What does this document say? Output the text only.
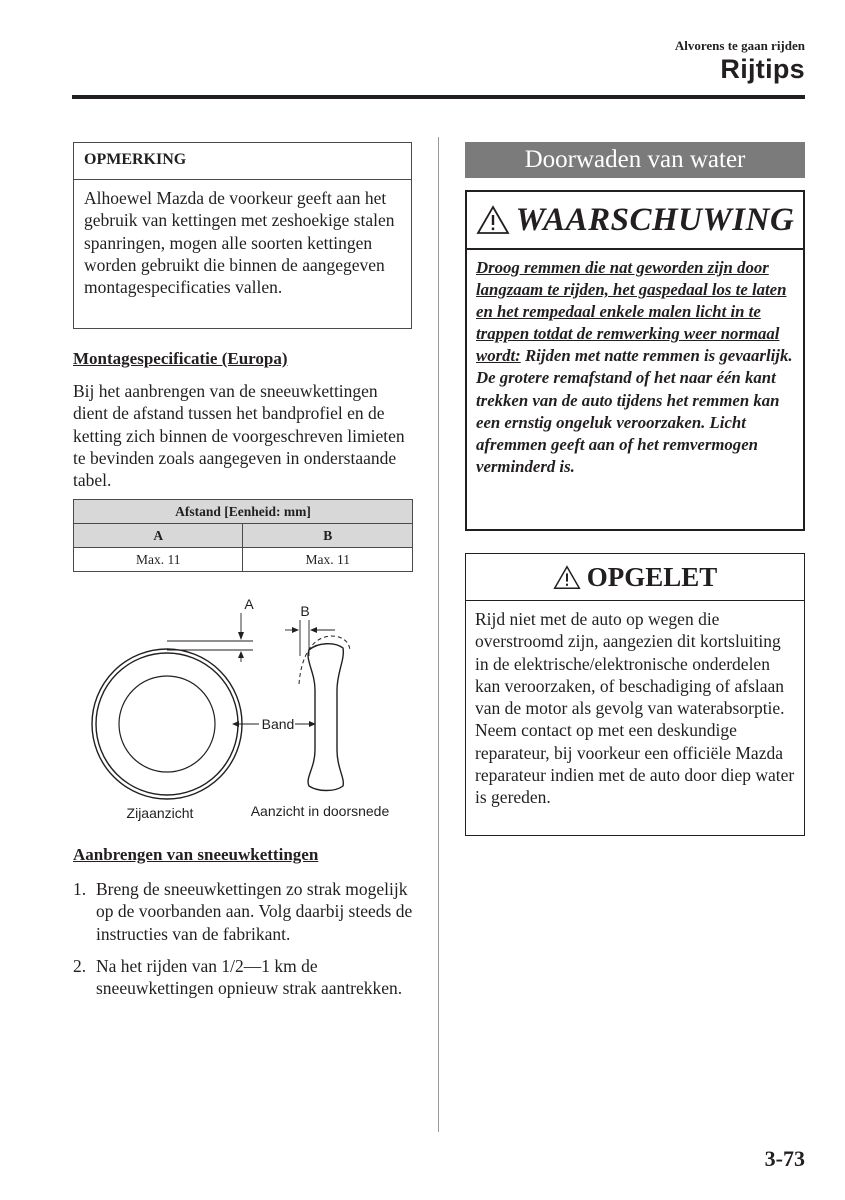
Alvorens te gaan rijden
Rijtips
OPMERKING
Alhoewel Mazda de voorkeur geeft aan het gebruik van kettingen met zeshoekige stalen spanringen, mogen alle soorten kettingen worden gebruikt die binnen de aangegeven montagespecificaties vallen.
Montagespecificatie (Europa)
Bij het aanbrengen van de sneeuwkettingen dient de afstand tussen het bandprofiel en de ketting zich binnen de voorgeschreven limieten te bevinden zoals aangegeven in onderstaande tabel.
Afstand [Eenheid: mm]	
A	B
Max. 11	Max. 11
A	B
Band
Zijaanzicht	Aanzicht in doorsnede
Aanbrengen van sneeuwkettingen
1. Breng de sneeuwkettingen zo strak mogelijk op de voorbanden aan. Volg daarbij steeds de instructies van de fabrikant.
2. Na het rijden van 1/2―1 km de sneeuwkettingen opnieuw strak aantrekken.
Doorwaden van water
WAARSCHUWING
Droog remmen die nat geworden zijn door langzaam te rijden, het gaspedaal los te laten en het rempedaal enkele malen licht in te trappen totdat de remwerking weer normaal wordt: Rijden met natte remmen is gevaarlijk. De grotere remafstand of het naar één kant trekken van de auto tijdens het remmen kan een ernstig ongeluk veroorzaken. Licht afremmen geeft aan of het remvermogen verminderd is.
OPGELET
Rijd niet met de auto op wegen die overstroomd zijn, aangezien dit kortsluiting in de elektrische/elektronische onderdelen kan veroorzaken, of beschadiging of afslaan van de motor als gevolg van waterabsorptie. Neem contact op met een deskundige reparateur, bij voorkeur een officiële Mazda reparateur indien met de auto door diep water is gereden.
3-73
